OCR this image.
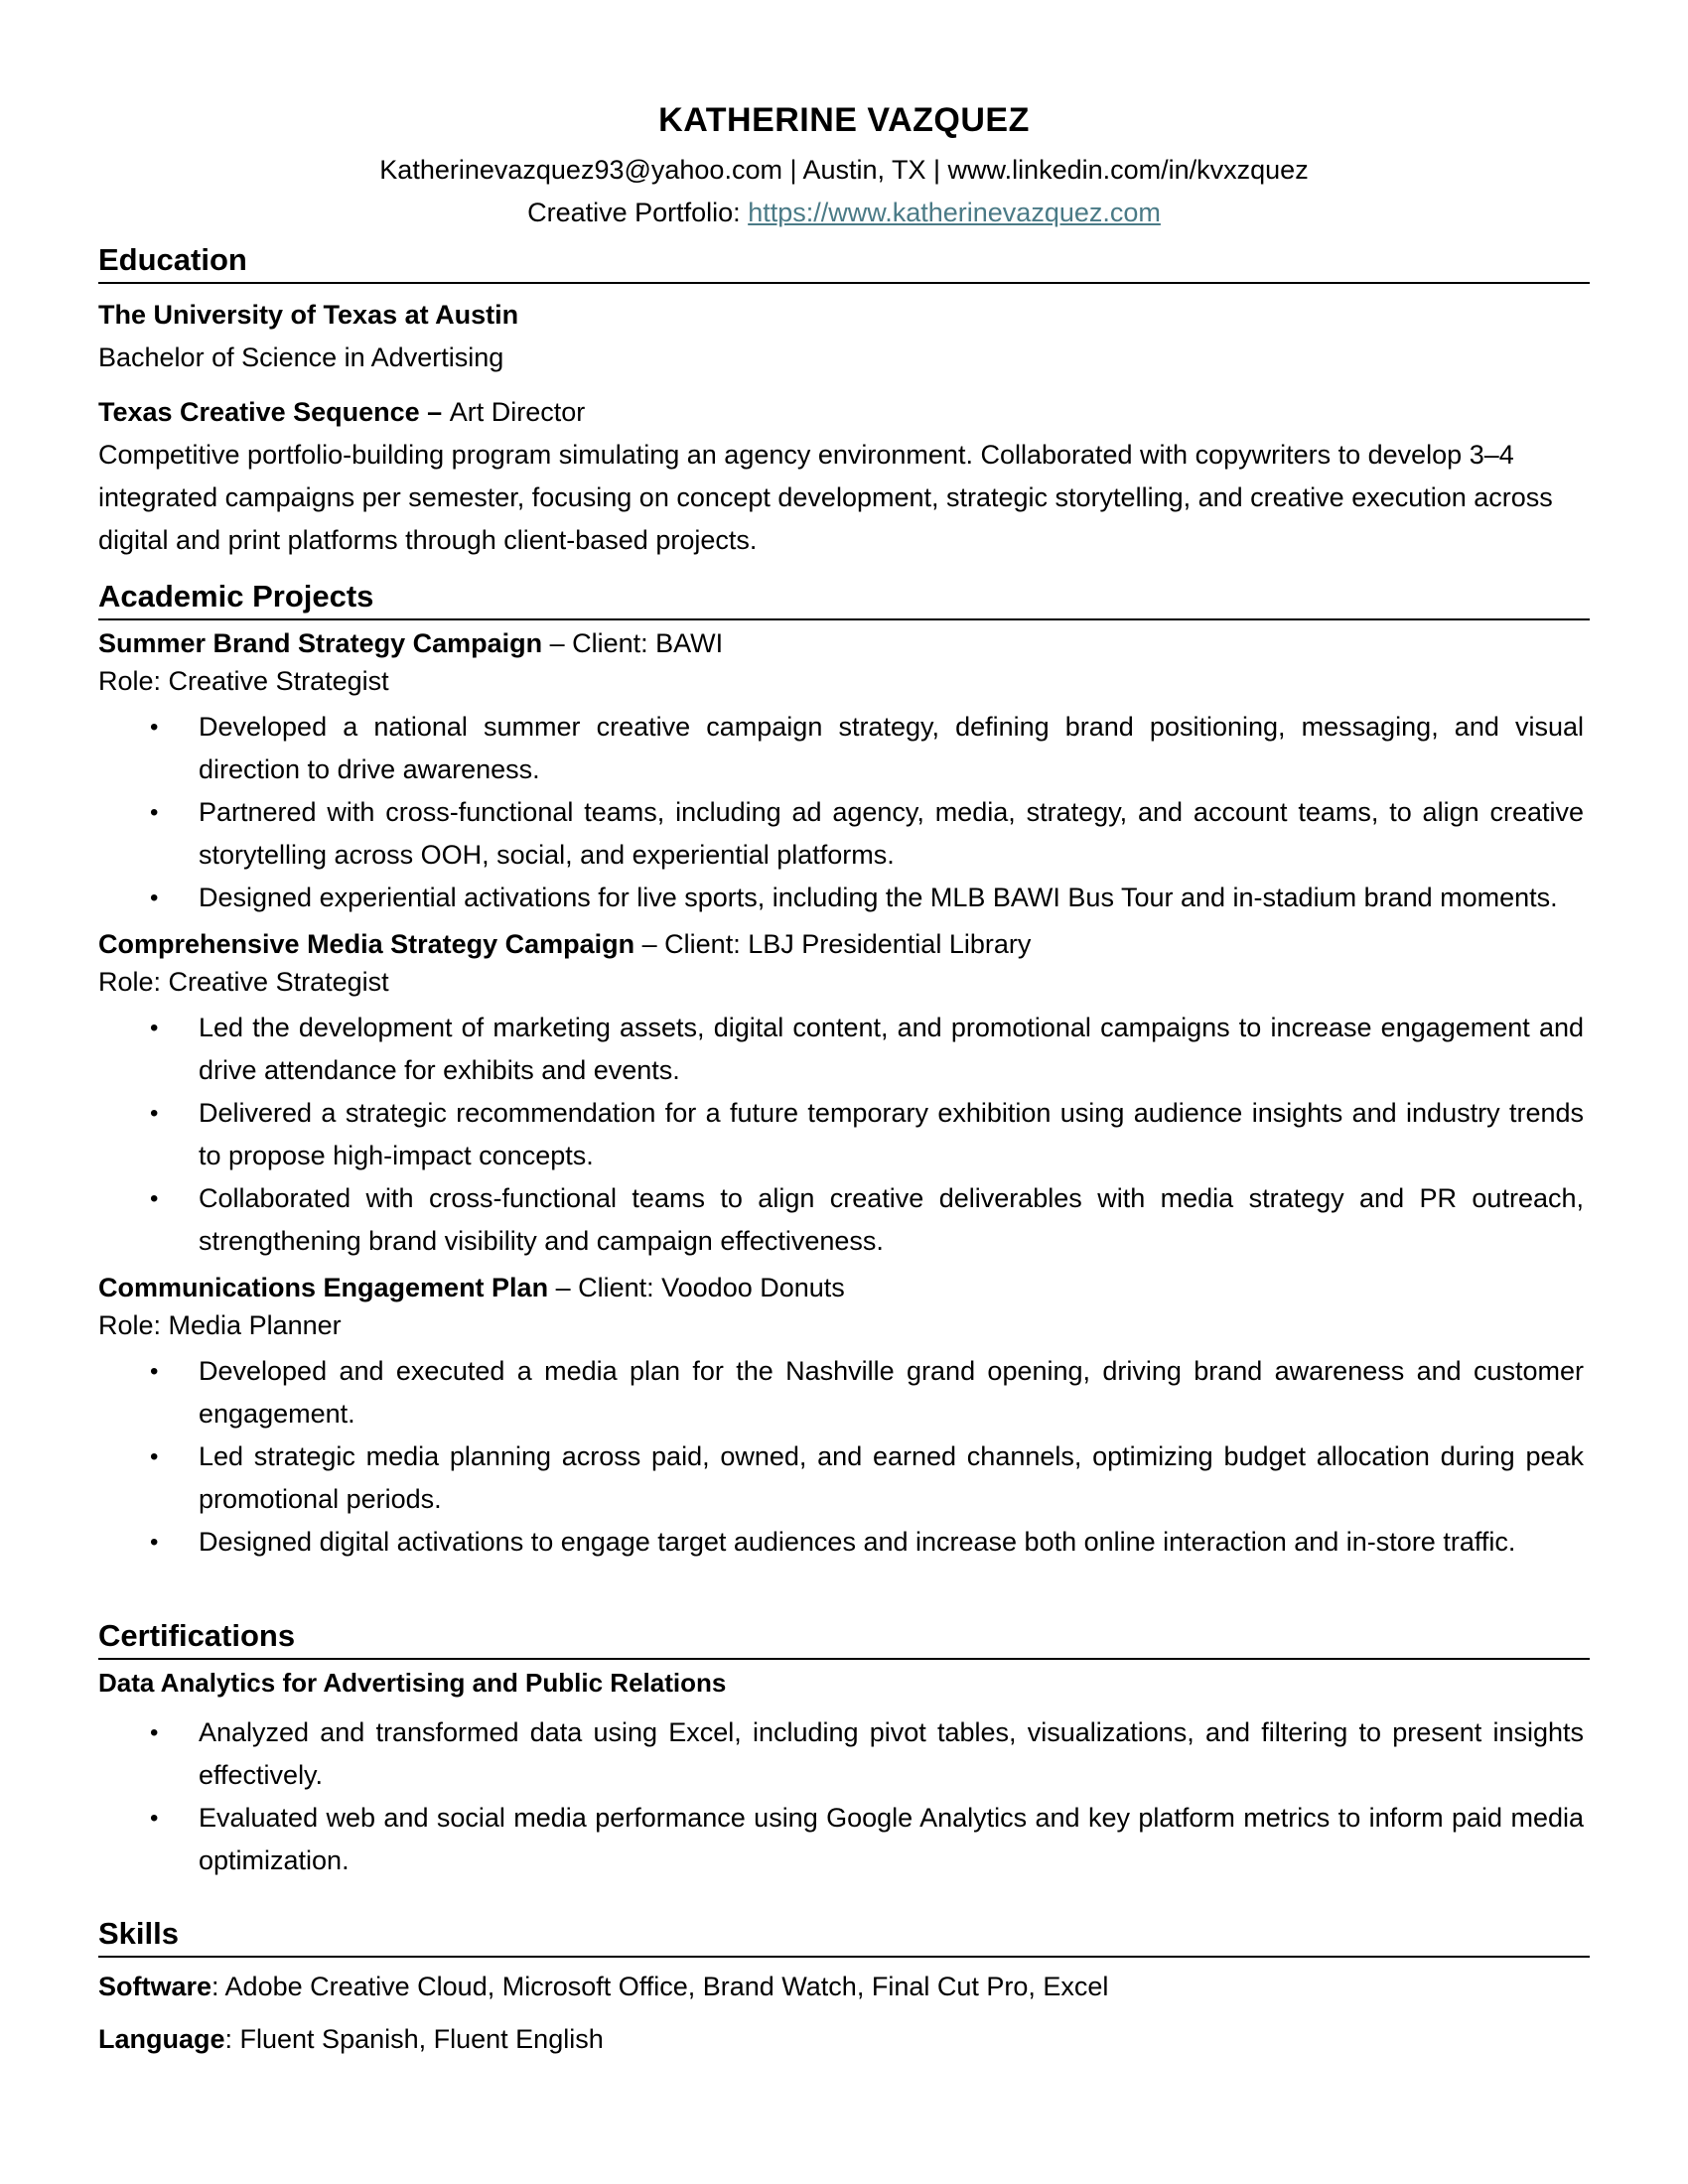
KATHERINE VAZQUEZ
Katherinevazquez93@yahoo.com | Austin, TX | www.linkedin.com/in/kvxzquez
Creative Portfolio: https://www.katherinevazquez.com
Education
The University of Texas at Austin
Bachelor of Science in Advertising
Texas Creative Sequence – Art Director
Competitive portfolio-building program simulating an agency environment. Collaborated with copywriters to develop 3–4 integrated campaigns per semester, focusing on concept development, strategic storytelling, and creative execution across digital and print platforms through client-based projects.
Academic Projects
Summer Brand Strategy Campaign – Client: BAWI
Role: Creative Strategist
• Developed a national summer creative campaign strategy, defining brand positioning, messaging, and visual direction to drive awareness.
• Partnered with cross-functional teams, including ad agency, media, strategy, and account teams, to align creative storytelling across OOH, social, and experiential platforms.
• Designed experiential activations for live sports, including the MLB BAWI Bus Tour and in-stadium brand moments.
Comprehensive Media Strategy Campaign – Client: LBJ Presidential Library
Role: Creative Strategist
• Led the development of marketing assets, digital content, and promotional campaigns to increase engagement and drive attendance for exhibits and events.
• Delivered a strategic recommendation for a future temporary exhibition using audience insights and industry trends to propose high-impact concepts.
• Collaborated with cross-functional teams to align creative deliverables with media strategy and PR outreach, strengthening brand visibility and campaign effectiveness.
Communications Engagement Plan – Client: Voodoo Donuts
Role: Media Planner
• Developed and executed a media plan for the Nashville grand opening, driving brand awareness and customer engagement.
• Led strategic media planning across paid, owned, and earned channels, optimizing budget allocation during peak promotional periods.
• Designed digital activations to engage target audiences and increase both online interaction and in-store traffic.
Certifications
Data Analytics for Advertising and Public Relations
• Analyzed and transformed data using Excel, including pivot tables, visualizations, and filtering to present insights effectively.
• Evaluated web and social media performance using Google Analytics and key platform metrics to inform paid media optimization.
Skills
Software: Adobe Creative Cloud, Microsoft Office, Brand Watch, Final Cut Pro, Excel
Language: Fluent Spanish, Fluent English
